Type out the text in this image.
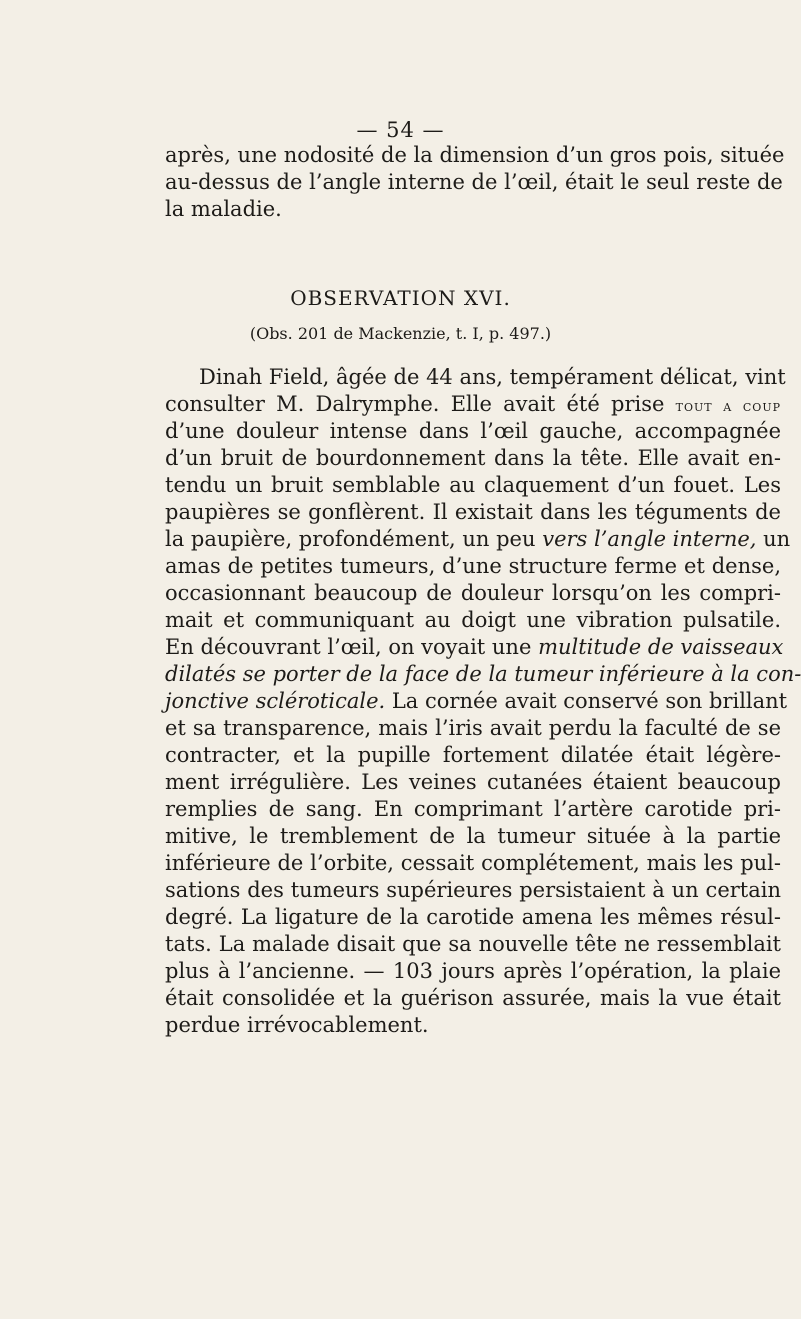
— 54 —
après, une nodosité de la dimension d’un gros pois, située
au-dessus de l’angle interne de l’œil, était le seul reste de
la maladie.
OBSERVATION XVI.
(Obs. 201 de Mackenzie, t. I, p. 497.)
Dinah Field, âgée de 44 ans, tempérament délicat, vint
consulter M. Dalrymphe. Elle avait été prise tout a coup
d’une douleur intense dans l’œil gauche, accompagnée
d’un bruit de bourdonnement dans la tête. Elle avait en-
tendu un bruit semblable au claquement d’un fouet. Les
paupières se gonflèrent. Il existait dans les téguments de
la paupière, profondément, un peu vers l’angle interne, un
amas de petites tumeurs, d’une structure ferme et dense,
occasionnant beaucoup de douleur lorsqu’on les compri-
mait et communiquant au doigt une vibration pulsatile.
En découvrant l’œil, on voyait une multitude de vaisseaux
dilatés se porter de la face de la tumeur inférieure à la con-
jonctive scléroticale. La cornée avait conservé son brillant
et sa transparence, mais l’iris avait perdu la faculté de se
contracter, et la pupille fortement dilatée était légère-
ment irrégulière. Les veines cutanées étaient beaucoup
remplies de sang. En comprimant l’artère carotide pri-
mitive, le tremblement de la tumeur située à la partie
inférieure de l’orbite, cessait complétement, mais les pul-
sations des tumeurs supérieures persistaient à un certain
degré. La ligature de la carotide amena les mêmes résul-
tats. La malade disait que sa nouvelle tête ne ressemblait
plus à l’ancienne. — 103 jours après l’opération, la plaie
était consolidée et la guérison assurée, mais la vue était
perdue irrévocablement.
